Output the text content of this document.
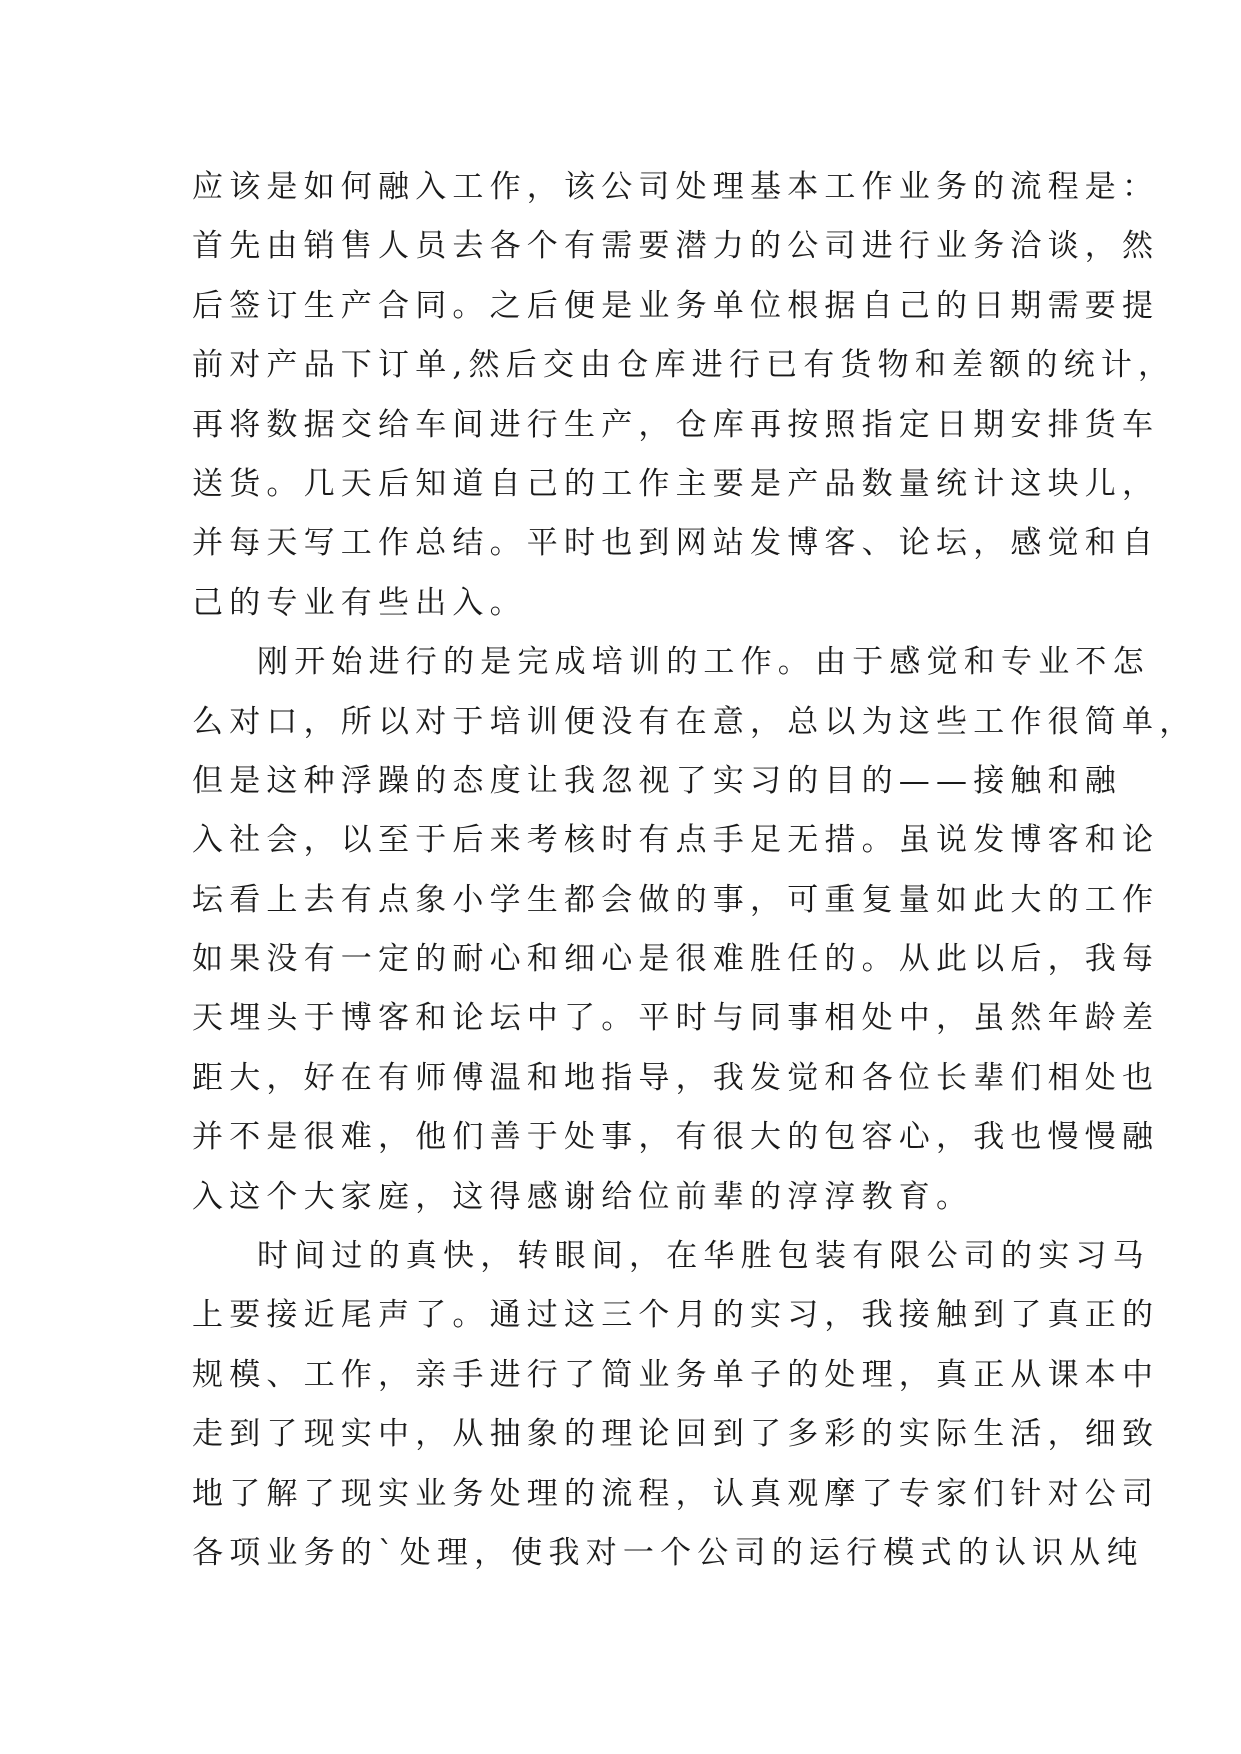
应该是如何融入工作，该公司处理基本工作业务的流程是：
首先由销售人员去各个有需要潜力的公司进行业务洽谈，然
后签订生产合同。之后便是业务单位根据自己的日期需要提
前对产品下订单,然后交由仓库进行已有货物和差额的统计，
再将数据交给车间进行生产，仓库再按照指定日期安排货车
送货。几天后知道自己的工作主要是产品数量统计这块儿，
并每天写工作总结。平时也到网站发博客、论坛，感觉和自
己的专业有些出入。
刚开始进行的是完成培训的工作。由于感觉和专业不怎
么对口，所以对于培训便没有在意，总以为这些工作很简单，
但是这种浮躁的态度让我忽视了实习的目的——接触和融
入社会，以至于后来考核时有点手足无措。虽说发博客和论
坛看上去有点象小学生都会做的事，可重复量如此大的工作
如果没有一定的耐心和细心是很难胜任的。从此以后，我每
天埋头于博客和论坛中了。平时与同事相处中，虽然年龄差
距大，好在有师傅温和地指导，我发觉和各位长辈们相处也
并不是很难，他们善于处事，有很大的包容心，我也慢慢融
入这个大家庭，这得感谢给位前辈的淳淳教育。
时间过的真快，转眼间，在华胜包装有限公司的实习马
上要接近尾声了。通过这三个月的实习，我接触到了真正的
规模、工作，亲手进行了简业务单子的处理，真正从课本中
走到了现实中，从抽象的理论回到了多彩的实际生活，细致
地了解了现实业务处理的流程，认真观摩了专家们针对公司
各项业务的`处理，使我对一个公司的运行模式的认识从纯
